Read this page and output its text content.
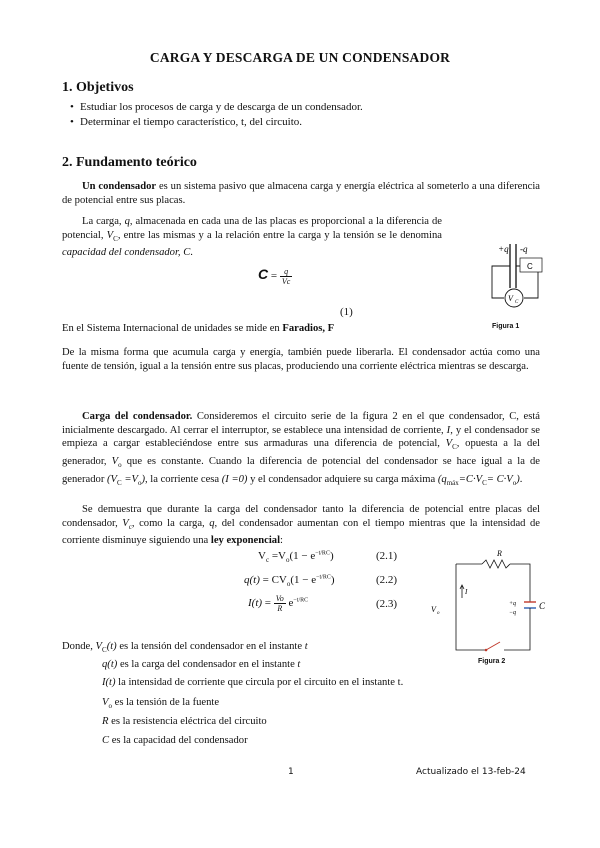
CARGA Y DESCARGA DE UN CONDENSADOR
1. Objetivos
• Estudiar los procesos de carga y de descarga de un condensador.
• Determinar el tiempo característico, t, del circuito.
2. Fundamento teórico
Un condensador es un sistema pasivo que almacena carga y energía eléctrica al someterlo a una diferencia de potencial entre sus placas.
La carga, q, almacenada en cada una de las placas es proporcional a la diferencia de potencial, $V_C$, entre las mismas y a la relación entre la carga y la tensión se le denomina capacidad del condensador, C.
$C = \frac{q}{Vc}$
(1)
En el Sistema Internacional de unidades se mide en Faradios, F
De la misma forma que acumula carga y energía, también puede liberarla. El condensador actúa como una fuente de tensión, igual a la tensión entre sus placas, produciendo una corriente eléctrica mientras se descarga.
Carga del condensador. Consideremos el circuito serie de la figura 2 en el que condensador, C, está inicialmente descargado. Al cerrar el interruptor, se establece una intensidad de corriente, I, y el condensador se empieza a cargar estableciéndose entre sus armaduras una diferencia de potencial, $V_C$, opuesta a la del generador, $V_o$ que es constante. Cuando la diferencia de potencial del condensador se hace igual a la de generador $(V_C =V_o)$, la corriente cesa (I =0) y el condensador adquiere su carga máxima $(q_{máx}=C\cdot V_C= C\cdot V_o)$.
Se demuestra que durante la carga del condensador tanto la diferencia de potencial entre placas del condensador, $V_c$, como la carga, q, del condensador aumentan con el tiempo mientras que la intensidad de corriente disminuye siguiendo una ley exponencial:
$V_c =V_o(1 - e^{-t/RC})$	(2.1)
$q(t) = CV_o(1 - e^{-t/RC})$	(2.2)
$I(t) = \frac{Vo}{R} e^{-t/RC}$	(2.3)
Donde, $V_C(t)$ es la tensión del condensador en el instante t
q(t) es la carga del condensador en el instante t
I(t) la intensidad de corriente que circula por el circuito en el instante t.
$V_o$ es la tensión de la fuente
R es la resistencia eléctrica del circuito
C es la capacidad del condensador
+q -q
C
V C
Figura 1
R
I
V o
+q
−q
C
Figura 2
1	Actualizado el 13-feb-24
